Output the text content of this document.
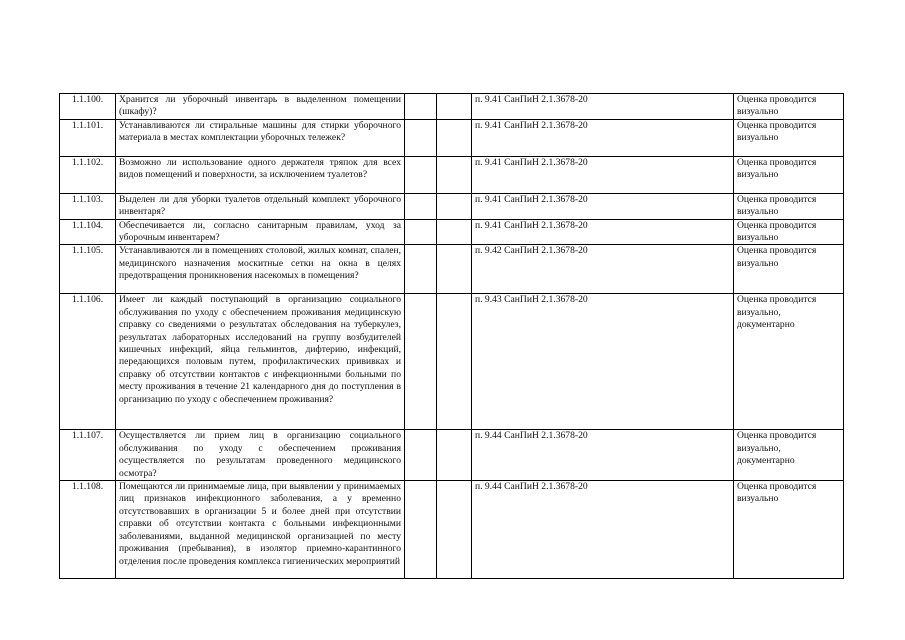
1.1.100.	Хранится ли уборочный инвентарь в выделенном помещении (шкафу)?			п. 9.41 СанПиН 2.1.3678-20	Оценка проводится визуально
1.1.101.	Устанавливаются ли стиральные машины для стирки уборочного материала в местах комплектации уборочных тележек?			п. 9.41 СанПиН 2.1.3678-20	Оценка проводится визуально
1.1.102.	Возможно ли использование одного держателя тряпок для всех видов помещений и поверхности, за исключением туалетов?			п. 9.41 СанПиН 2.1.3678-20	Оценка проводится визуально
1.1.103.	Выделен ли для уборки туалетов отдельный комплект уборочного инвентаря?			п. 9.41 СанПиН 2.1.3678-20	Оценка проводится визуально
1.1.104.	Обеспечивается ли, согласно санитарным правилам, уход за уборочным инвентарем?			п. 9.41 СанПиН 2.1.3678-20	Оценка проводится визуально
1.1.105.	Устанавливаются ли в помещениях столовой, жилых комнат, спален, медицинского назначения москитные сетки на окна в целях предотвращения проникновения насекомых в помещения?			п. 9.42 СанПиН 2.1.3678-20	Оценка проводится визуально
1.1.106.	Имеет ли каждый поступающий в организацию социального обслуживания по уходу с обеспечением проживания медицинскую справку со сведениями о результатах обследования на туберкулез, результатах лабораторных исследований на группу возбудителей кишечных инфекций, яйца гельминтов, дифтерию, инфекций, передающихся половым путем, профилактических прививках и справку об отсутствии контактов с инфекционными больными по месту проживания в течение 21 календарного дня до поступления в организацию по уходу с обеспечением проживания?			п. 9.43 СанПиН 2.1.3678-20	Оценка проводится визуально, документарно
1.1.107.	Осуществляется ли прием лиц в организацию социального обслуживания по уходу с обеспечением проживания осуществляется по результатам проведенного медицинского осмотра?			п. 9.44 СанПиН 2.1.3678-20	Оценка проводится визуально, документарно
1.1.108.	Помещаются ли принимаемые лица, при выявлении у принимаемых лиц признаков инфекционного заболевания, а у временно отсутствовавших в организации 5 и более дней при отсутствии справки об отсутствии контакта с больными инфекционными заболеваниями, выданной медицинской организацией по месту проживания (пребывания), в изолятор приемно-карантинного отделения после проведения комплекса гигиенических мероприятий			п. 9.44 СанПиН 2.1.3678-20	Оценка проводится визуально
